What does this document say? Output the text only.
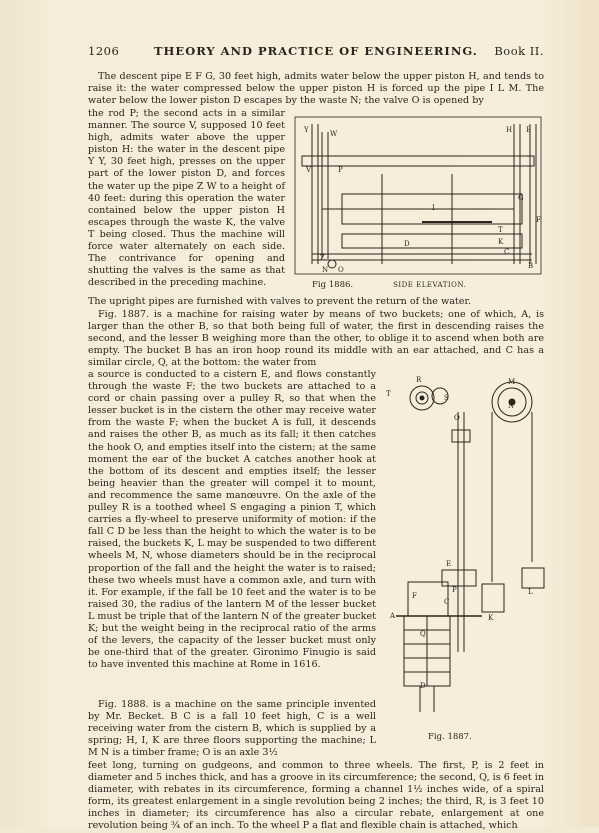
1206	THEORY AND PRACTICE OF ENGINEERING. Book II.

The descent pipe E F G, 30 feet high, admits water below the upper piston H, and tends to raise it: the water compressed below the upper piston H is forced up the pipe I L M. The water below the lower piston D escapes by the waste N; the valve O is opened by

the rod P; the second acts in a similar manner. The source V, supposed 10 feet high, admits water above the upper piston H: the water in the descent pipe Y Y, 30 feet high, presses on the upper part of the lower piston D, and forces the water up the pipe Z W to a height of 40 feet: during this operation the water contained below the upper piston H escapes through the waste K, the valve T being closed. Thus the machine will force water alternately on each side. The contrivance for opening and shutting the valves is the same as that described in the preceding machine.

Y	W	H E
V	P
I
Z
N O
D
T
K
C
B
G
F
Fig 1886.	SIDE ELEVATION.

The upright pipes are furnished with valves to prevent the return of the water.

Fig. 1887. is a machine for raising water by means of two buckets; one of which, A, is larger than the other B, so that both being full of water, the first in descending raises the second, and the lesser B weighing more than the other, to oblige it to ascend when both are empty. The bucket B has an iron hoop round its middle with an ear attached, and C has a similar circle, Q, at the bottom: the water from

a source is conducted to a cistern E, and flows constantly through the waste F; the two buckets are attached to a cord or chain passing over a pulley R, so that when the lesser bucket is in the cistern the other may receive water from the waste F; when the bucket A is full, it descends and raises the other B, as much as its fall; it then catches the hook O, and empties itself into the cistern; at the same moment the ear of the bucket A catches another hook at the bottom of its descent and empties itself; the lesser being heavier than the greater will compel it to mount, and recommence the same manœuvre. On the axle of the pulley R is a toothed wheel S engaging a pinion T, which carries a fly-wheel to preserve uniformity of motion: if the fall C D be less than the height to which the water is to be raised, the buckets K, L may be suspended to two different wheels M, N, whose diameters should be in the reciprocal proportion of the fall and the height the water is to raised; these two wheels must have a common axle, and turn with it. For example, if the fall be 10 feet and the water is to be raised 30, the radius of the lantern M of the lesser bucket L must be triple that of the lantern N of the greater bucket K; but the weight being in the reciprocal ratio of the arms of the levers, the capacity of the lesser bucket must only be one-third that of the greater. Gironimo Finugio is said to have invented this machine at Rome in 1616.

M
T	S
R
N
O
E
F
P
A
Q
C
L
K
D
Fig. 1887.

Fig. 1888. is a machine on the same principle invented by Mr. Becket. B C is a fall 10 feet high, C is a well receiving water from the cistern B, which is supplied by a spring; H, I, K are three floors supporting the machine; L M N is a timber frame; O is an axle 3½

feet long, turning on gudgeons, and common to three wheels. The first, P, is 2 feet in diameter and 5 inches thick, and has a groove in its circumference; the second, Q, is 6 feet in diameter, with rebates in its circumference, forming a channel 1½ inches wide, of a spiral form, its greatest enlargement in a single revolution being 2 inches; the third, R, is 3 feet 10 inches in diameter; its circumference has also a circular rebate, enlargement at one revolution being ¾ of an inch. To the wheel P a flat and flexible chain is attached, which
